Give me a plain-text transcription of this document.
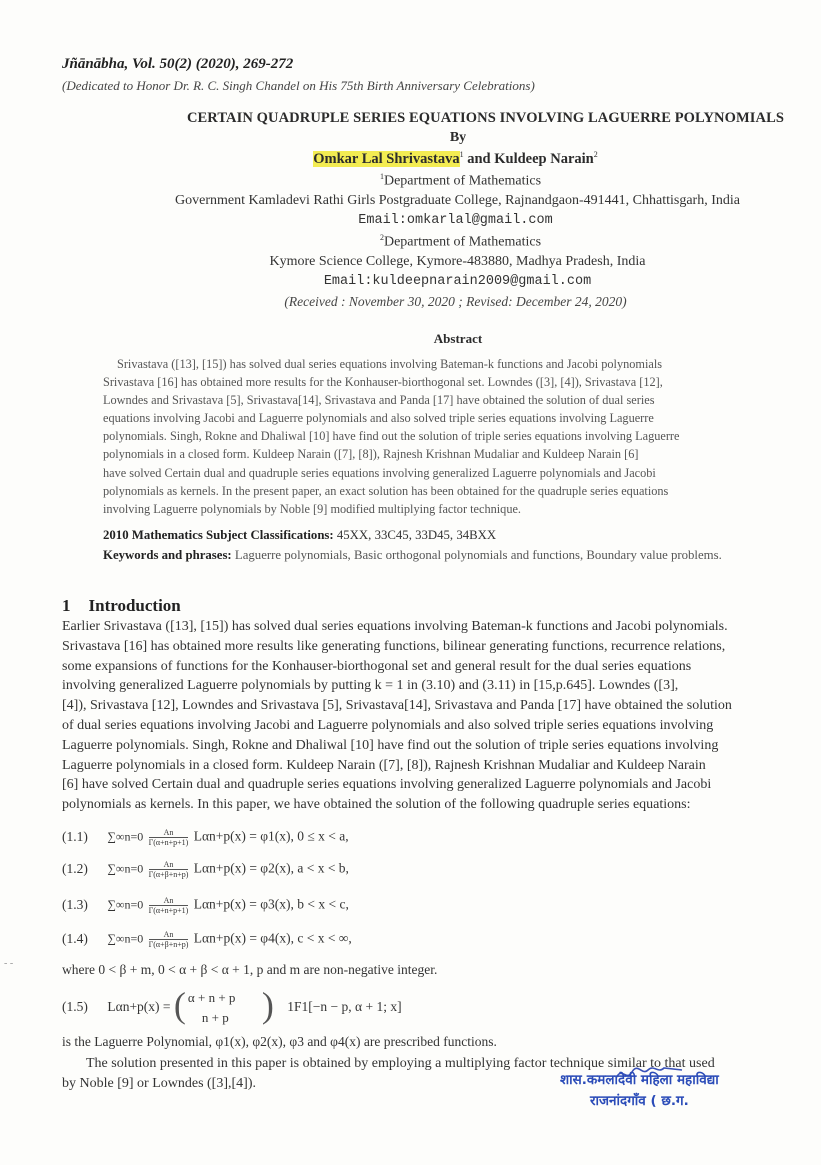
Jñānābha, Vol. 50(2) (2020), 269-272
(Dedicated to Honor Dr. R. C. Singh Chandel on His 75th Birth Anniversary Celebrations)
CERTAIN QUADRUPLE SERIES EQUATIONS INVOLVING LAGUERRE POLYNOMIALS
By
Omkar Lal Shrivastava$^1$ and Kuldeep Narain$^2$
$^1$Department of Mathematics
Government Kamladevi Rathi Girls Postgraduate College, Rajnandgaon-491441, Chhattisgarh, India
Email:omkarlal@gmail.com
$^2$Department of Mathematics
Kymore Science College, Kymore-483880, Madhya Pradesh, India
Email:kuldeepnarain2009@gmail.com
(Received : November 30, 2020 ; Revised: December 24, 2020)
Abstract
Srivastava ([13], [15]) has solved dual series equations involving Bateman-k functions and Jacobi polynomials
Srivastava [16] has obtained more results for the Konhauser-biorthogonal set. Lowndes ([3], [4]), Srivastava [12],
Lowndes and Srivastava [5], Srivastava[14], Srivastava and Panda [17] have obtained the solution of dual series
equations involving Jacobi and Laguerre polynomials and also solved triple series equations involving Laguerre
polynomials. Singh, Rokne and Dhaliwal [10] have find out the solution of triple series equations involving Laguerre
polynomials in a closed form. Kuldeep Narain ([7], [8]), Rajnesh Krishnan Mudaliar and Kuldeep Narain [6]
have solved Certain dual and quadruple series equations involving generalized Laguerre polynomials and Jacobi
polynomials as kernels. In the present paper, an exact solution has been obtained for the quadruple series equations
involving Laguerre polynomials by Noble [9] modified multiplying factor technique.
2010 Mathematics Subject Classifications: 45XX, 33C45, 33D45, 34BXX
Keywords and phrases: Laguerre polynomials, Basic orthogonal polynomials and functions, Boundary value problems.
1 Introduction
Earlier Srivastava ([13], [15]) has solved dual series equations involving Bateman-k functions and Jacobi polynomials.
Srivastava [16] has obtained more results like generating functions, bilinear generating functions, recurrence relations,
some expansions of functions for the Konhauser-biorthogonal set and general result for the dual series equations
involving generalized Laguerre polynomials by putting k = 1 in (3.10) and (3.11) in [15,p.645]. Lowndes ([3],
[4]), Srivastava [12], Lowndes and Srivastava [5], Srivastava[14], Srivastava and Panda [17] have obtained the solution
of dual series equations involving Jacobi and Laguerre polynomials and also solved triple series equations involving
Laguerre polynomials. Singh, Rokne and Dhaliwal [10] have find out the solution of triple series equations involving
Laguerre polynomials in a closed form. Kuldeep Narain ([7], [8]), Rajnesh Krishnan Mudaliar and Kuldeep Narain
[6] have solved Certain dual and quadruple series equations involving generalized Laguerre polynomials and Jacobi
polynomials as kernels. In this paper, we have obtained the solution of the following quadruple series equations:
(1.1) $\sum\infty n=0 \frac{An}{\Gamma(\alpha+n+p+1)} L\alpha n+p(x) = \varphi 1(x)$, 0 ≤ x < a,
(1.2) $\sum\infty n=0 \frac{An}{\Gamma(\alpha+\beta+n+p)} L\alpha n+p(x) = \varphi 2(x)$, a < x < b,
(1.3) $\sum\infty n=0 \frac{An}{\Gamma(\alpha+n+p+1)} L\alpha n+p(x) = \varphi 3(x)$, b < x < c,
(1.4) $\sum\infty n=0 \frac{An}{\Gamma(\alpha+\beta+n+p)} L\alpha n+p(x) = \varphi 4(x)$, c < x < ∞,
- -	where 0 < β + m, 0 < α + β < α + 1, p and m are non-negative integer.
(1.5) Lαn+p(x) = ( α + n + p
n + p ) 1F1[−n − p, α + 1; x]
is the Laguerre Polynomial, φ1(x), φ2(x), φ3 and φ4(x) are prescribed functions.
The solution presented in this paper is obtained by employing a multiplying factor technique similar to that used
by Noble [9] or Lowndes ([3],[4]).	शास.कमलादेवी महिला महाविद्या
राजनांदगाँव ( छ.ग.
